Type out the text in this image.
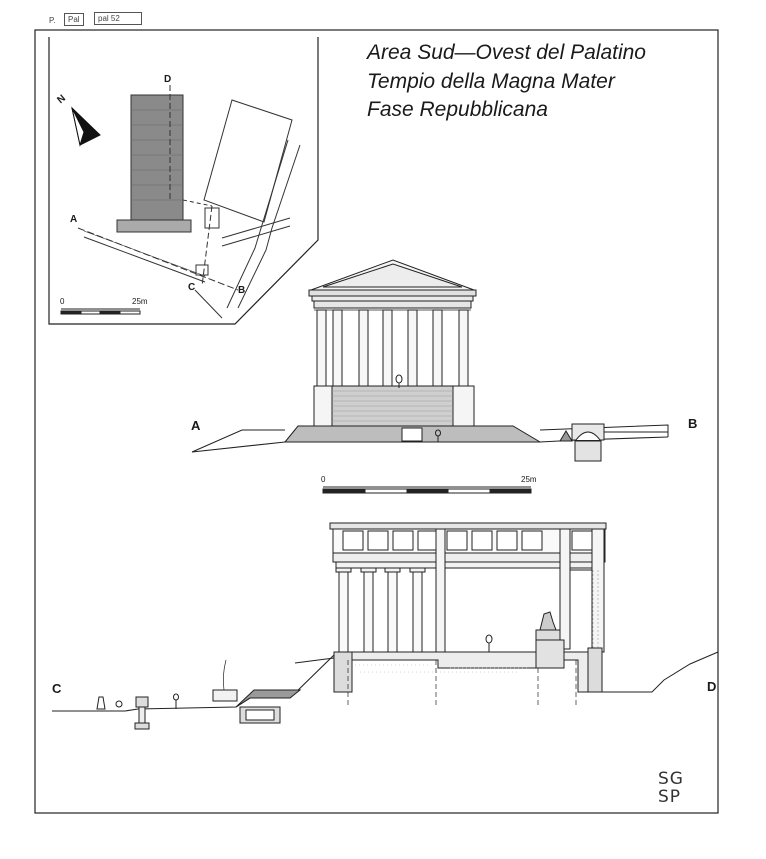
P.	Pal	pal 52
Area Sud—Ovest del Palatino
Tempio della Magna Mater
Fase Repubblicana
N
D
A
B
C
0	25m
A	B
0	25m
C	D
SG
SP
